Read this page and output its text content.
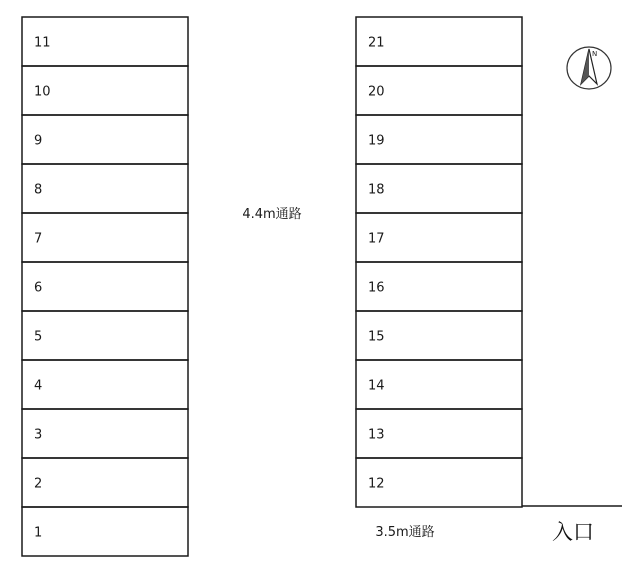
11
10
9
8
7
6
5
4
3
2
1
21
20
19
18
17
16
15
14
13
12
4.4m通路
3.5m通路	入口
N
